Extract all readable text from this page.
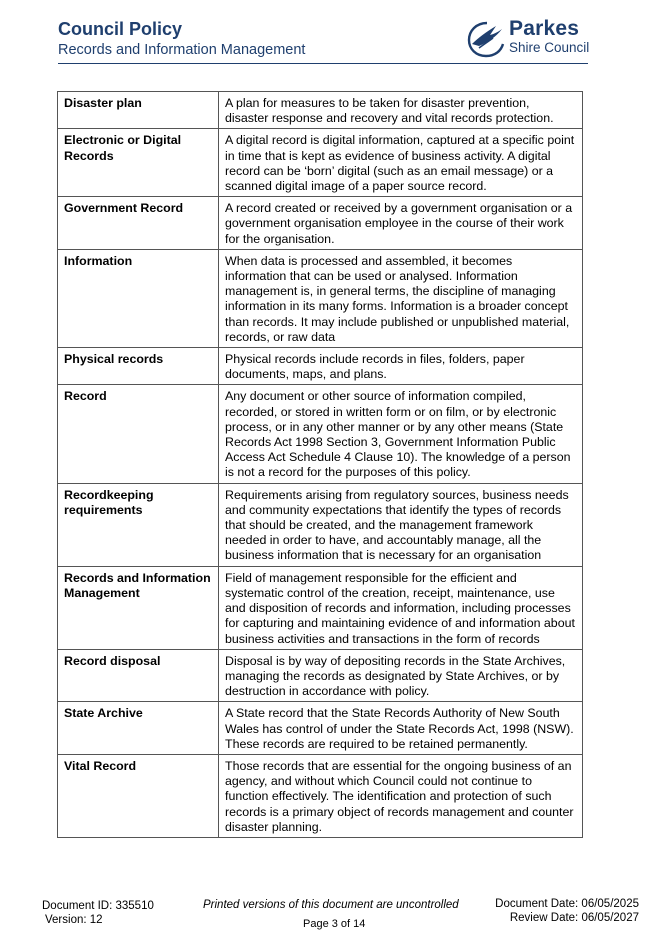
Council Policy
Records and Information Management
Parkes
Shire Council
Disaster plan	A plan for measures to be taken for disaster prevention, disaster response and recovery and vital records protection.
Electronic or Digital Records	A digital record is digital information, captured at a specific point in time that is kept as evidence of business activity. A digital record can be ‘born’ digital (such as an email message) or a scanned digital image of a paper source record.
Government Record	A record created or received by a government organisation or a government organisation employee in the course of their work for the organisation.
Information	When data is processed and assembled, it becomes information that can be used or analysed. Information management is, in general terms, the discipline of managing information in its many forms. Information is a broader concept than records. It may include published or unpublished material, records, or raw data
Physical records	Physical records include records in files, folders, paper documents, maps, and plans.
Record	Any document or other source of information compiled, recorded, or stored in written form or on film, or by electronic process, or in any other manner or by any other means (State Records Act 1998 Section 3, Government Information Public Access Act Schedule 4 Clause 10). The knowledge of a person is not a record for the purposes of this policy.
Recordkeeping requirements	Requirements arising from regulatory sources, business needs and community expectations that identify the types of records that should be created, and the management framework needed in order to have, and accountably manage, all the business information that is necessary for an organisation
Records and Information Management	Field of management responsible for the efficient and systematic control of the creation, receipt, maintenance, use and disposition of records and information, including processes for capturing and maintaining evidence of and information about business activities and transactions in the form of records
Record disposal	Disposal is by way of depositing records in the State Archives, managing the records as designated by State Archives, or by destruction in accordance with policy.
State Archive	A State record that the State Records Authority of New South Wales has control of under the State Records Act, 1998 (NSW). These records are required to be retained permanently.
Vital Record	Those records that are essential for the ongoing business of an agency, and without which Council could not continue to function effectively. The identification and protection of such records is a primary object of records management and counter disaster planning.
Document ID: 335510
Version: 12
Printed versions of this document are uncontrolled
Page 3 of 14
Document Date: 06/05/2025
Review Date: 06/05/2027
